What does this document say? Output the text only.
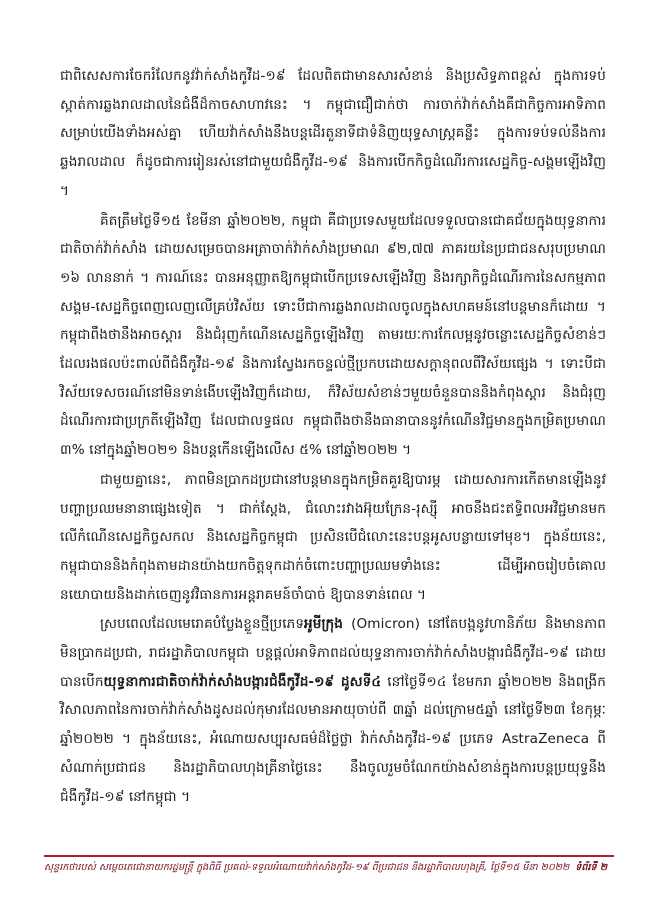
ជាពិសេសការចែករំលែកនូវវ៉ាក់សាំងកូវីដ-១៩ ដែលពិតជាមានសារសំខាន់ និងប្រសិទ្ធភាពខ្ពស់ ក្នុងការទប់ស្កាត់ការឆ្លងរាលដាលនៃជំងឺដ៏កាចសាហាវនេះ ។ កម្ពុជាជឿជាក់ថា ការចាក់វ៉ាក់សាំងគឺជាកិច្ចការអាទិភាពសម្រាប់យើងទាំងអស់គ្នា ហើយវ៉ាក់សាំងនឹងបន្តដើរតួនាទីជាទំនិញយុទ្ធសាស្ត្រគន្លឹះ ក្នុងការទប់ទល់នឹងការឆ្លងរាលដាល ក៏ដូចជាការរៀនរស់នៅជាមួយជំងឺកូវីដ-១៩ និងការបើកកិច្ចដំណើរការសេដ្ឋកិច្ច-សង្គមឡើងវិញ ។

គិតត្រឹមថ្ងៃទី១៥ ខែមីនា ឆ្នាំ២០២២, កម្ពុជា គឺជាប្រទេសមួយដែលទទួលបានជោគជ័យក្នុងយុទ្ធនាការជាតិចាក់វ៉ាក់សាំង ដោយសម្រេចបានអត្រាចាក់វ៉ាក់សាំងប្រមាណ ៩២,៧៧ ភាគរយនៃប្រជាជនសរុបប្រមាណ ១៦ លាននាក់ ។ ការណ៍នេះ បានអនុញ្ញាតឱ្យកម្ពុជាបើកប្រទេសឡើងវិញ និងរក្សាកិច្ចដំណើរការនៃសកម្មភាពសង្គម-សេដ្ឋកិច្ចពេញលេញលើគ្រប់វិស័យ ទោះបីជាការឆ្លងរាលដាលចូលក្នុងសហគមន៍នៅបន្តមានក៏ដោយ ។ កម្ពុជាពឹងថានឹងអាចស្តារ និងជំរុញកំណើនសេដ្ឋកិច្ចឡើងវិញ តាមរយៈការកែលម្អនូវចន្លោះសេដ្ឋកិច្ចសំខាន់ៗដែលរងផលប៉ះពាល់ពីជំងឺកូវីដ-១៩ និងការស្វែងរកចន្ទល់ថ្មីប្រកបដោយសក្តានុពលពីវិស័យផ្សេង ។ ទោះបីជាវិស័យទេសចរណ៍នៅមិនទាន់ងើបឡើងវិញក៏ដោយ, ក៏វិស័យសំខាន់ៗមួយចំនួនបាននិងកំពុងស្តារ និងជំរុញដំណើរការជាប្រក្រតីឡើងវិញ ដែលជាលទ្ធផល កម្ពុជាពឹងថានឹងធានាបាននូវកំណើនវិជ្ជមានក្នុងកម្រិតប្រមាណ ៣% នៅក្នុងឆ្នាំ២០២១ និងបន្តកើនឡើងលើស ៥% នៅឆ្នាំ២០២២ ។

ជាមួយគ្នានេះ, ភាពមិនប្រាកដប្រជានៅបន្តមានក្នុងកម្រិតគួរឱ្យបារម្ភ ដោយសារការកើតមានឡើងនូវបញ្ហាប្រឈមនានាផ្សេងទៀត ។ ជាក់ស្តែង, ជំលោះរវាងអ៊ុយក្រែន-រុស្ស៊ី អាចនឹងជះឥទ្ធិពលអវិជ្ជមានមកលើកំណើនសេដ្ឋកិច្ចសកល និងសេដ្ឋកិច្ចកម្ពុជា ប្រសិនបើជំលោះនេះបន្តអូសបន្លាយទៅមុខ។ ក្នុងន័យនេះ, កម្ពុជាបាននិងកំពុងតាមដានយ៉ាងយកចិត្តទុកដាក់ចំពោះបញ្ហាប្រឈមទាំងនេះ ដើម្បីអាចរៀបចំគោលនយោបាយនិងដាក់ចេញនូវវិធានការអន្តរាគមន៍ចាំបាច់ ឱ្យបានទាន់ពេល ។

ស្របពេលដែលមេរោគបំប្លែងខ្លួនថ្មីប្រភេទអូមីក្រុង (Omicron) នៅតែបង្កនូវហានិភ័យ និងមានភាពមិនប្រាកដប្រជា, រាជរដ្ឋាភិបាលកម្ពុជា បន្តផ្តល់អាទិភាពដល់យុទ្ធនាការចាក់វ៉ាក់សាំងបង្ការជំងឺកូវីដ-១៩ ដោយបានបើកយុទ្ធនាការជាតិចាក់វ៉ាក់សាំងបង្ការជំងឺកូវីដ-១៩ ដូសទី៤ នៅថ្ងៃទី១៤ ខែមករា ឆ្នាំ២០២២ និងពង្រីកវិសាលភាពនៃការចាក់វ៉ាក់សាំងដូសដល់កុមារដែលមានអាយុចាប់ពី ៣ឆ្នាំ ដល់ក្រោម៥ឆ្នាំ នៅថ្ងៃទី២៣ ខែកុម្ភៈ ឆ្នាំ២០២២ ។ ក្នុងន័យនេះ, អំណោយសប្បុរសធម៌ដ៏ថ្លៃថ្លា វ៉ាក់សាំងកូវីដ-១៩ ប្រភេទ AstraZeneca ពីសំណាក់ប្រជាជន និងរដ្ឋាភិបាលហុងគ្រីនាថ្ងៃនេះ នឹងចូលរួមចំណែកយ៉ាងសំខាន់ក្នុងការបន្តប្រយុទ្ធនឹងជំងឺកូវីដ-១៩ នៅកម្ពុជា ។

សុន្ទរកថារបស់ សម្តេចតេជោនាយករដ្ឋមន្ត្រី ក្នុងពិធី ប្រគល់-ទទួលអំណោយវ៉ាក់សាំងកូវីដ-១៩ ពីប្រជាជន និងរដ្ឋាភិបាលហុងគ្រី, ថ្ងៃទី១៥ មីនា ២០២២ ទំព័រទី ២
